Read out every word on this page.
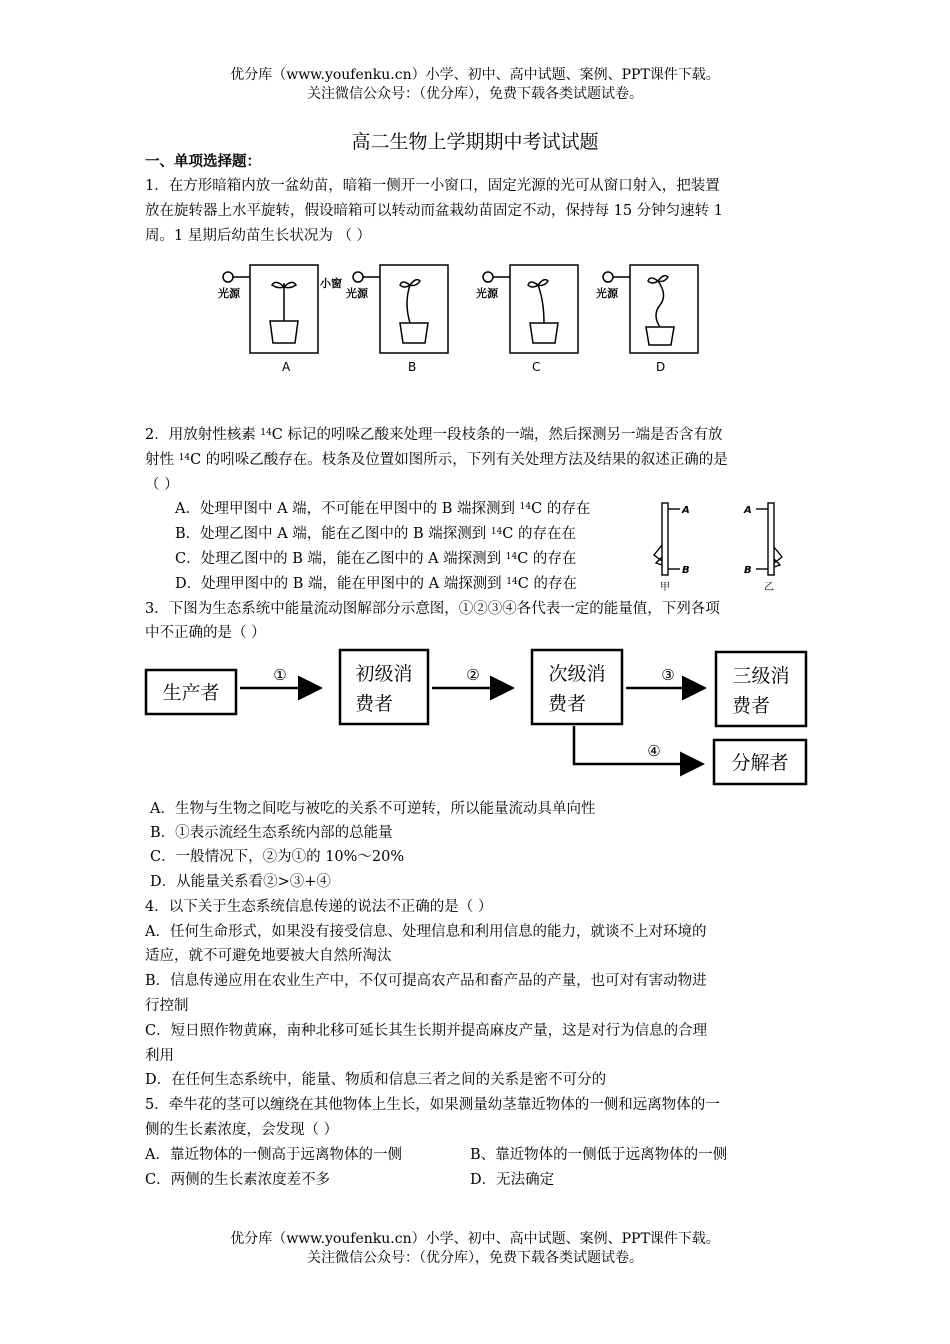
优分库（www.youfenku.cn）小学、初中、高中试题、案例、PPT课件下载。
关注微信公众号：（优分库），免费下载各类试题试卷。
高二生物上学期期中考试试题
一、单项选择题：
1．在方形暗箱内放一盆幼苗，暗箱一侧开一小窗口，固定光源的光可从窗口射入，把装置
放在旋转器上水平旋转，假设暗箱可以转动而盆栽幼苗固定不动，保持每 15 分钟匀速转 1
周。1 星期后幼苗生长状况为 （ ）
光源
小窗
光源	光源	光源
A	B	C	D
2．用放射性核素 $^{14}$C 标记的吲哚乙酸来处理一段枝条的一端，然后探测另一端是否含有放
射性 $^{14}$C 的吲哚乙酸存在。枝条及位置如图所示，下列有关处理方法及结果的叙述正确的是
（ ）
A．处理甲图中 A 端，不可能在甲图中的 B 端探测到 $^{14}$C 的存在
B．处理乙图中 A 端，能在乙图中的 B 端探测到 $^{14}$C 的存在在
C．处理乙图中的 B 端，能在乙图中的 A 端探测到 $^{14}$C 的存在
D．处理甲图中的 B 端，能在甲图中的 A 端探测到 $^{14}$C 的存在
A
B
A
B
甲	乙
3．下图为生态系统中能量流动图解部分示意图，①②③④各代表一定的能量值，下列各项
中不正确的是（ ）
生产者
初级消
费者
次级消
费者
三级消
费者
分解者
①	②	③
④
A．生物与生物之间吃与被吃的关系不可逆转，所以能量流动具单向性
B．①表示流经生态系统内部的总能量
C．一般情况下，②为①的 10%～20%
D．从能量关系看②>③+④
4．以下关于生态系统信息传递的说法不正确的是（ ）
A．任何生命形式，如果没有接受信息、处理信息和利用信息的能力，就谈不上对环境的
适应，就不可避免地要被大自然所淘汰
B．信息传递应用在农业生产中，不仅可提高农产品和畜产品的产量，也可对有害动物进
行控制
C．短日照作物黄麻，南种北移可延长其生长期并提高麻皮产量，这是对行为信息的合理
利用
D．在任何生态系统中，能量、物质和信息三者之间的关系是密不可分的
5．牵牛花的茎可以缠绕在其他物体上生长，如果测量幼茎靠近物体的一侧和远离物体的一
侧的生长素浓度，会发现（ ）
A．靠近物体的一侧高于远离物体的一侧	B、靠近物体的一侧低于远离物体的一侧
C．两侧的生长素浓度差不多	D．无法确定
优分库（www.youfenku.cn）小学、初中、高中试题、案例、PPT课件下载。
关注微信公众号：（优分库），免费下载各类试题试卷。
